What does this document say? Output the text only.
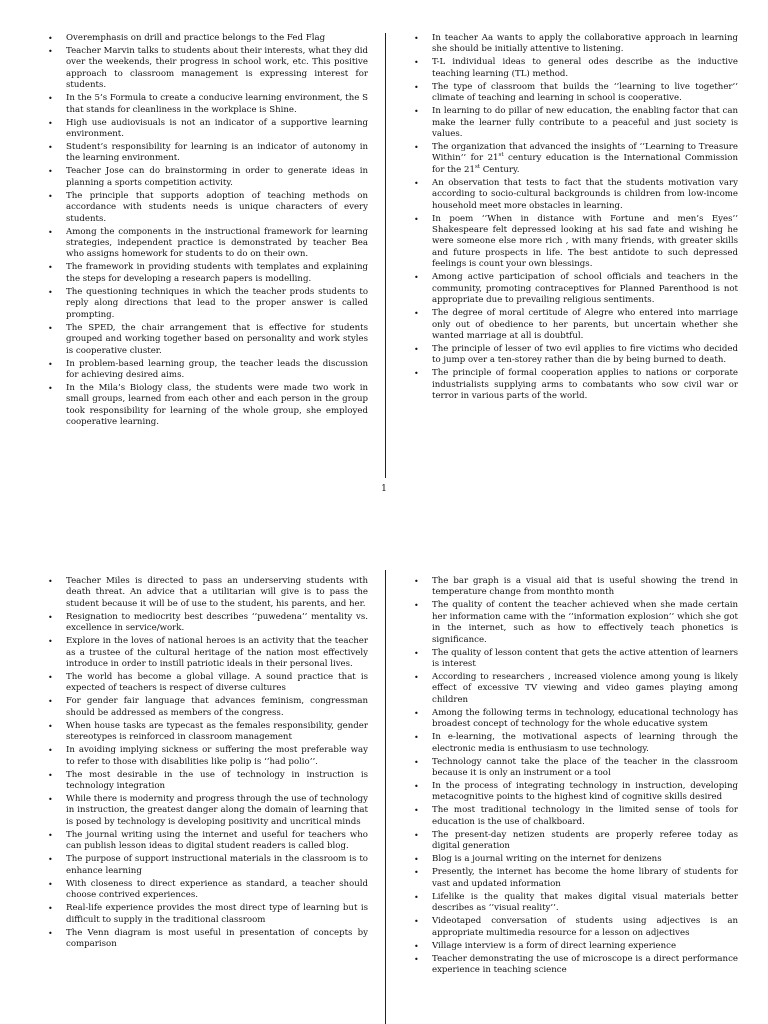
• Overemphasis on drill and practice belongs to the Fed Flag
• Teacher Marvin talks to students about their interests, what they did over the weekends, their progress in school work, etc. This positive approach to classroom management is expressing interest for students.
• In the 5’s Formula to create a conducive learning environment, the S that stands for cleanliness in the workplace is Shine.
• High use audiovisuals is not an indicator of a supportive learning environment.
• Student’s responsibility for learning is an indicator of autonomy in the learning environment.
• Teacher Jose can do brainstorming in order to generate ideas in planning a sports competition activity.
• The principle that supports adoption of teaching methods on accordance with students needs is unique characters of every students.
• Among the components in the instructional framework for learning strategies, independent practice is demonstrated by teacher Bea who assigns homework for students to do on their own.
• The framework in providing students with templates and explaining the steps for developing a research papers is modelling.
• The questioning techniques in which the teacher prods students to reply along directions that lead to the proper answer is called prompting.
• The SPED, the chair arrangement that is effective for students grouped and working together based on personality and work styles is cooperative cluster.
• In problem-based learning group, the teacher leads the discussion for achieving desired aims.
• In the Mila’s Biology class, the students were made two work in small groups, learned from each other and each person in the group took responsibility for learning of the whole group, she employed cooperative learning.
• In teacher Aa wants to apply the collaborative approach in learning she should be initially attentive to listening.
• T-L individual ideas to general odes describe as the inductive teaching learning (TL) method.
• The type of classroom that builds the ‘’learning to live together’’ climate of teaching and learning in school is cooperative.
• In learning to do pillar of new education, the enabling factor that can make the learner fully contribute to a peaceful and just society is values.
• The organization that advanced the insights of ‘’Learning to Treasure Within’’ for 21st century education is the International Commission for the 21st Century.
• An observation that tests to fact that the students motivation vary according to socio-cultural backgrounds is children from low-income household meet more obstacles in learning.
• In poem ‘’When in distance with Fortune and men’s Eyes’’ Shakespeare felt depressed looking at his sad fate and wishing he were someone else more rich , with many friends, with greater skills and future prospects in life. The best antidote to such depressed feelings is count your own blessings.
• Among active participation of school officials and teachers in the community, promoting contraceptives for Planned Parenthood is not appropriate due to prevailing religious sentiments.
• The degree of moral certitude of Alegre who entered into marriage only out of obedience to her parents, but uncertain whether she wanted marriage at all is doubtful.
• The principle of lesser of two evil applies to fire victims who decided to jump over a ten-storey rather than die by being burned to death.
• The principle of formal cooperation applies to nations or corporate industrialists supplying arms to combatants who sow civil war or terror in various parts of the world.
1
• Teacher Miles is directed to pass an underserving students with death threat. An advice that a utilitarian will give is to pass the student because it will be of use to the student, his parents, and her.
• Resignation to mediocrity best describes ‘’puwedena’’ mentality vs. excellence in service/work.
• Explore in the loves of national heroes is an activity that the teacher as a trustee of the cultural heritage of the nation most effectively introduce in order to instill patriotic ideals in their personal lives.
• The world has become a global village. A sound practice that is expected of teachers is respect of diverse cultures
• For gender fair language that advances feminism, congressman should be addressed as members of the congress.
• When house tasks are typecast as the females responsibility, gender stereotypes is reinforced in classroom management
• In avoiding implying sickness or suffering the most preferable way to refer to those with disabilities like polip is ‘’had polio’’.
• The most desirable in the use of technology in instruction is technology integration
• While there is modernity and progress through the use of technology in instruction, the greatest danger along the domain of learning that is posed by technology is developing positivity and uncritical minds
• The journal writing using the internet and useful for teachers who can publish lesson ideas to digital student readers is called blog.
• The purpose of support instructional materials in the classroom is to enhance learning
• With closeness to direct experience as standard, a teacher should choose contrived experiences.
• Real-life experience provides the most direct type of learning but is difficult to supply in the traditional classroom
• The Venn diagram is most useful in presentation of concepts by comparison
• The bar graph is a visual aid that is useful showing the trend in temperature change from monthto month
• The quality of content the teacher achieved when she made certain her information came with the ‘’information explosion’’ which she got in the internet, such as how to effectively teach phonetics is significance.
• The quality of lesson content that gets the active attention of learners is interest
• According to researchers , increased violence among young is likely effect of excessive TV viewing and video games playing among children
• Among the following terms in technology, educational technology has broadest concept of technology for the whole educative system
• In e-learning, the motivational aspects of learning through the electronic media is enthusiasm to use technology.
• Technology cannot take the place of the teacher in the classroom because it is only an instrument or a tool
• In the process of integrating technology in instruction, developing metacognitive points to the highest kind of cognitive skills desired
• The most traditional technology in the limited sense of tools for education is the use of chalkboard.
• The present-day netizen students are properly referee today as digital generation
• Blog is a journal writing on the internet for denizens
• Presently, the internet has become the home library of students for vast and updated information
• Lifelike is the quality that makes digital visual materials better describes as ‘’visual reality’’.
• Videotaped conversation of students using adjectives is an appropriate multimedia resource for a lesson on adjectives
• Village interview is a form of direct learning experience
• Teacher demonstrating the use of microscope is a direct performance experience in teaching science
